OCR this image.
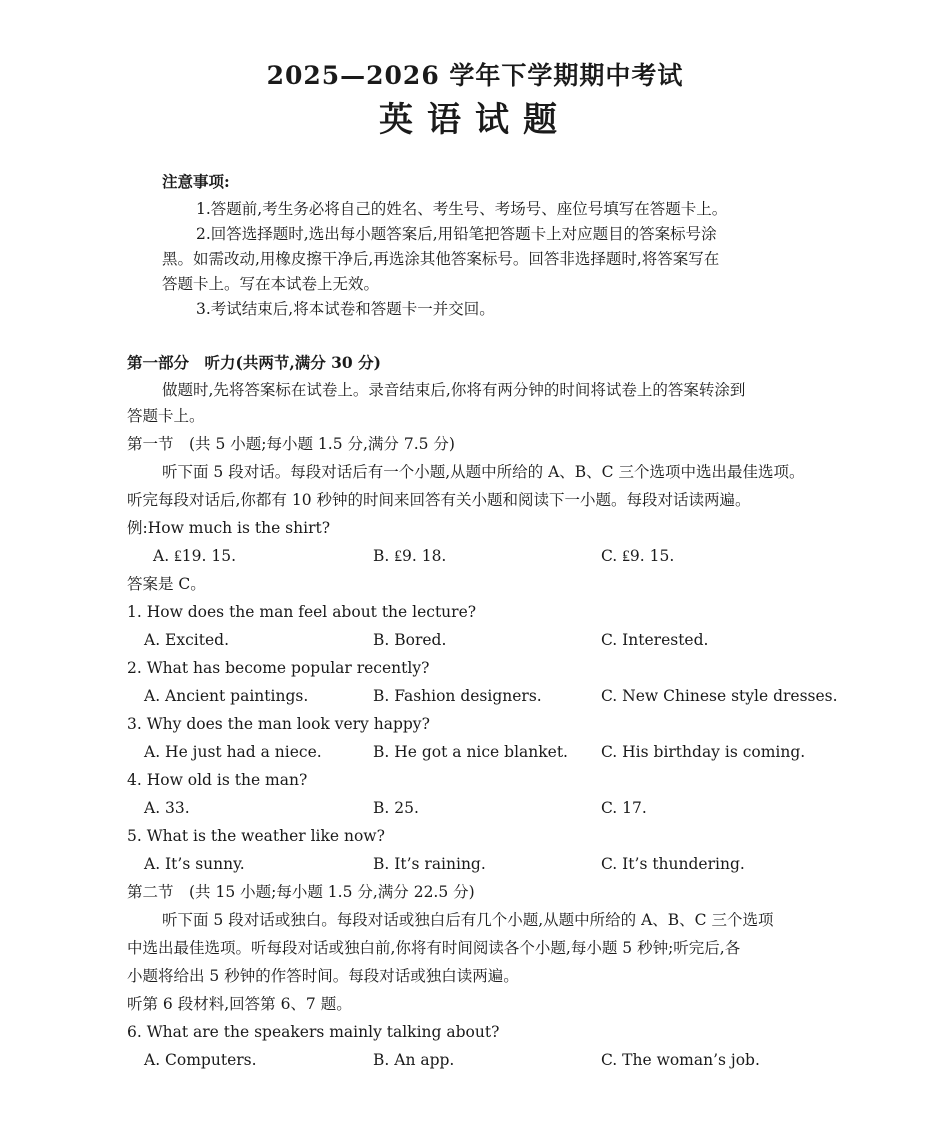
2025—2026 学年下学期期中考试
英语试题
注意事项:
1.答题前,考生务必将自己的姓名、考生号、考场号、座位号填写在答题卡上。
2.回答选择题时,选出每小题答案后,用铅笔把答题卡上对应题目的答案标号涂
黑。如需改动,用橡皮擦干净后,再选涂其他答案标号。回答非选择题时,将答案写在
答题卡上。写在本试卷上无效。
3.考试结束后,将本试卷和答题卡一并交回。
第一部分　听力(共两节,满分 30 分)
做题时,先将答案标在试卷上。录音结束后,你将有两分钟的时间将试卷上的答案转涂到
答题卡上。
第一节　(共 5 小题;每小题 1.5 分,满分 7.5 分)
听下面 5 段对话。每段对话后有一个小题,从题中所给的 A、B、C 三个选项中选出最佳选项。
听完每段对话后,你都有 10 秒钟的时间来回答有关小题和阅读下一小题。每段对话读两遍。
例:How much is the shirt?
A. ₤19. 15.	B. ₤9. 18.	C. ₤9. 15.
答案是 C。
1. How does the man feel about the lecture?
A. Excited.	B. Bored.	C. Interested.
2. What has become popular recently?
A. Ancient paintings.	B. Fashion designers.	C. New Chinese style dresses.
3. Why does the man look very happy?
A. He just had a niece.	B. He got a nice blanket. C. His birthday is coming.
4. How old is the man?
A. 33.	B. 25.	C. 17.
5. What is the weather like now?
A. It’s sunny.	B. It’s raining.	C. It’s thundering.
第二节　(共 15 小题;每小题 1.5 分,满分 22.5 分)
听下面 5 段对话或独白。每段对话或独白后有几个小题,从题中所给的 A、B、C 三个选项
中选出最佳选项。听每段对话或独白前,你将有时间阅读各个小题,每小题 5 秒钟;听完后,各
小题将给出 5 秒钟的作答时间。每段对话或独白读两遍。
听第 6 段材料,回答第 6、7 题。
6. What are the speakers mainly talking about?
A. Computers.	B. An app.	C. The woman’s job.
